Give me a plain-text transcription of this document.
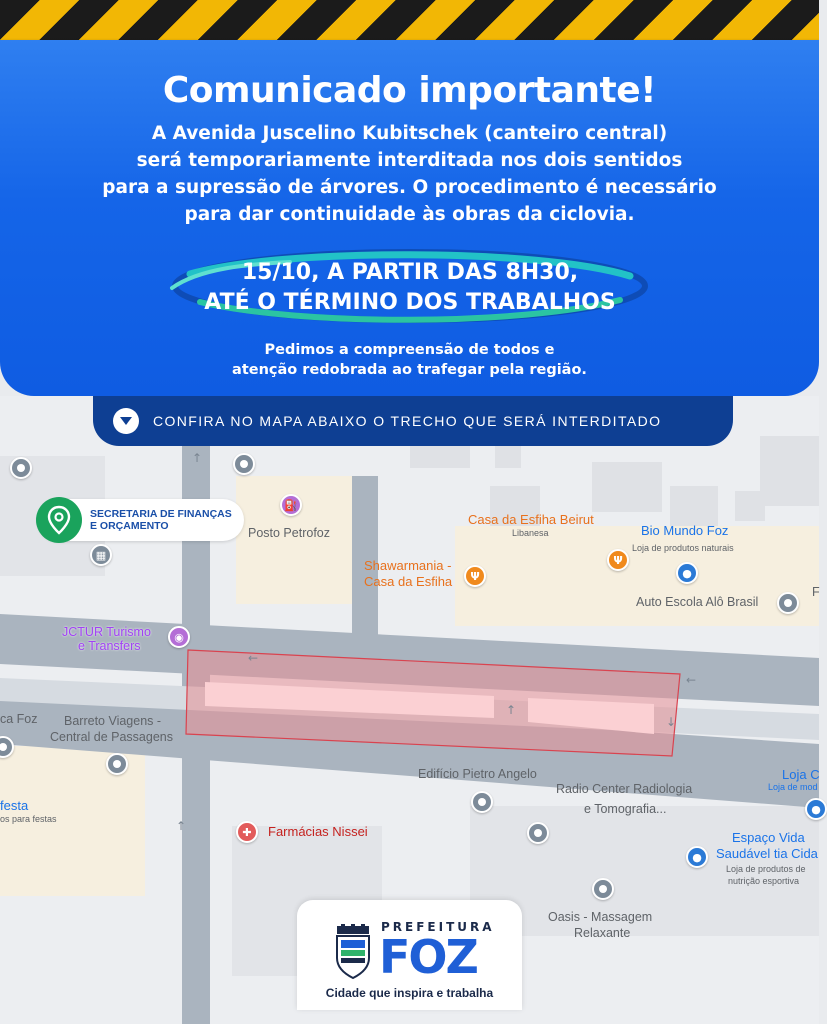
Comunicado importante!

A Avenida Juscelino Kubitschek (canteiro central)

será temporariamente interditada nos dois sentidos

para a supressão de árvores. O procedimento é necessário

para dar continuidade às obras da ciclovia.

15/10, A PARTIR DAS 8H30,
ATÉ O TÉRMINO DOS TRABALHOS
Pedimos a compreensão de todos e
atenção redobrada ao trafegar pela região.
←
←
↑
↑
↑
↓
⛽
▦
Ψ
Ψ
●
◉
●
✚
●
Posto Petrofoz
Casa da Esfiha Beirut
Libanesa	Bio Mundo Foz
Loja de produtos naturais
Shawarmania -
Casa da Esfiha
Auto Escola Alô Brasil
F
JCTUR Turismo
e Transfers
ca Foz Barreto Viagens -
Central de Passagens
festa
os para festas
Edifício Pietro Angelo
Radio Center Radiologia
e Tomografia...
Loja C
Loja de mod
Farmácias Nissei	Espaço Vida
Saudável tia Cida
Loja de produtos de
nutrição esportiva
Oasis - Massagem
Relaxante
SECRETARIA DE FINANÇAS
E ORÇAMENTO
CONFIRA NO MAPA ABAIXO O TRECHO QUE SERÁ INTERDITADO
PREFEITURA
FOZ
Cidade que inspira e trabalha
